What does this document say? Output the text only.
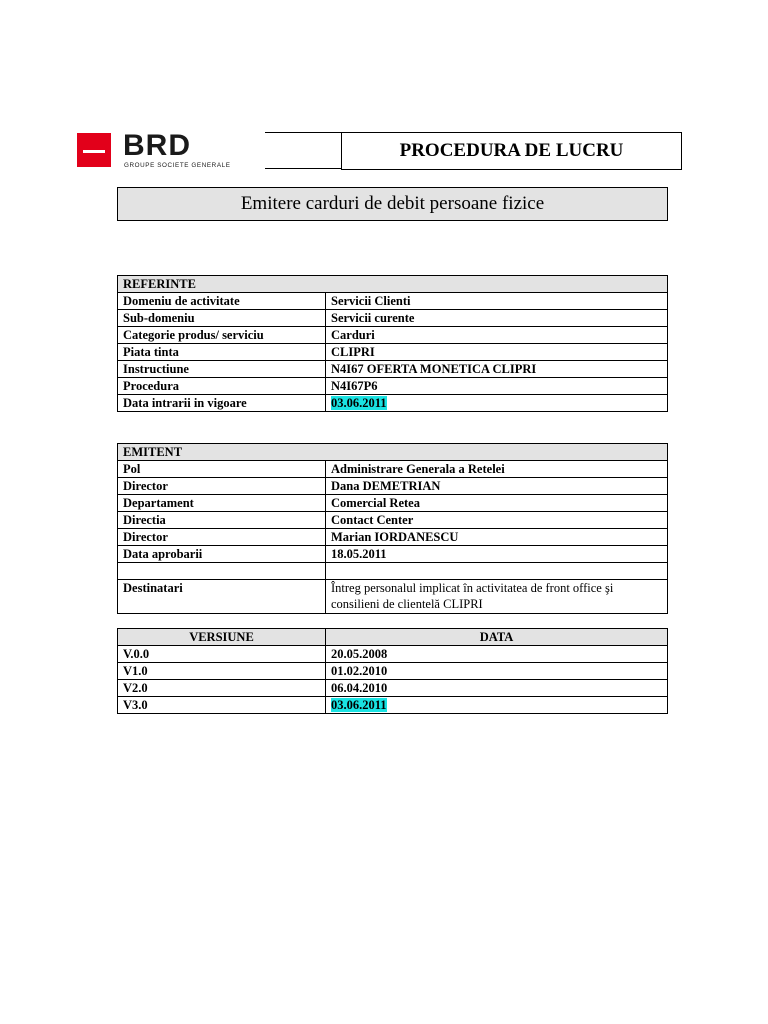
BRD
GROUPE SOCIETE GENERALE
PROCEDURA DE LUCRU
Emitere carduri de debit persoane fizice
REFERINTE	
Domeniu de activitate	Servicii Clienti
Sub-domeniu	Servicii curente
Categorie produs/ serviciu	Carduri
Piata tinta	CLIPRI
Instructiune	N4I67 OFERTA MONETICA CLIPRI
Procedura	N4I67P6
Data intrarii in vigoare	03.06.2011
EMITENT	
Pol	Administrare Generala a Retelei
Director	Dana DEMETRIAN
Departament	Comercial Retea
Directia	Contact Center
Director	Marian IORDANESCU
Data aprobarii	18.05.2011

Destinatari	Întreg personalul implicat în activitatea de front office şi consilieni de clientelă CLIPRI
VERSIUNE	DATA
V.0.0	20.05.2008
V1.0	01.02.2010
V2.0	06.04.2010
V3.0	03.06.2011
